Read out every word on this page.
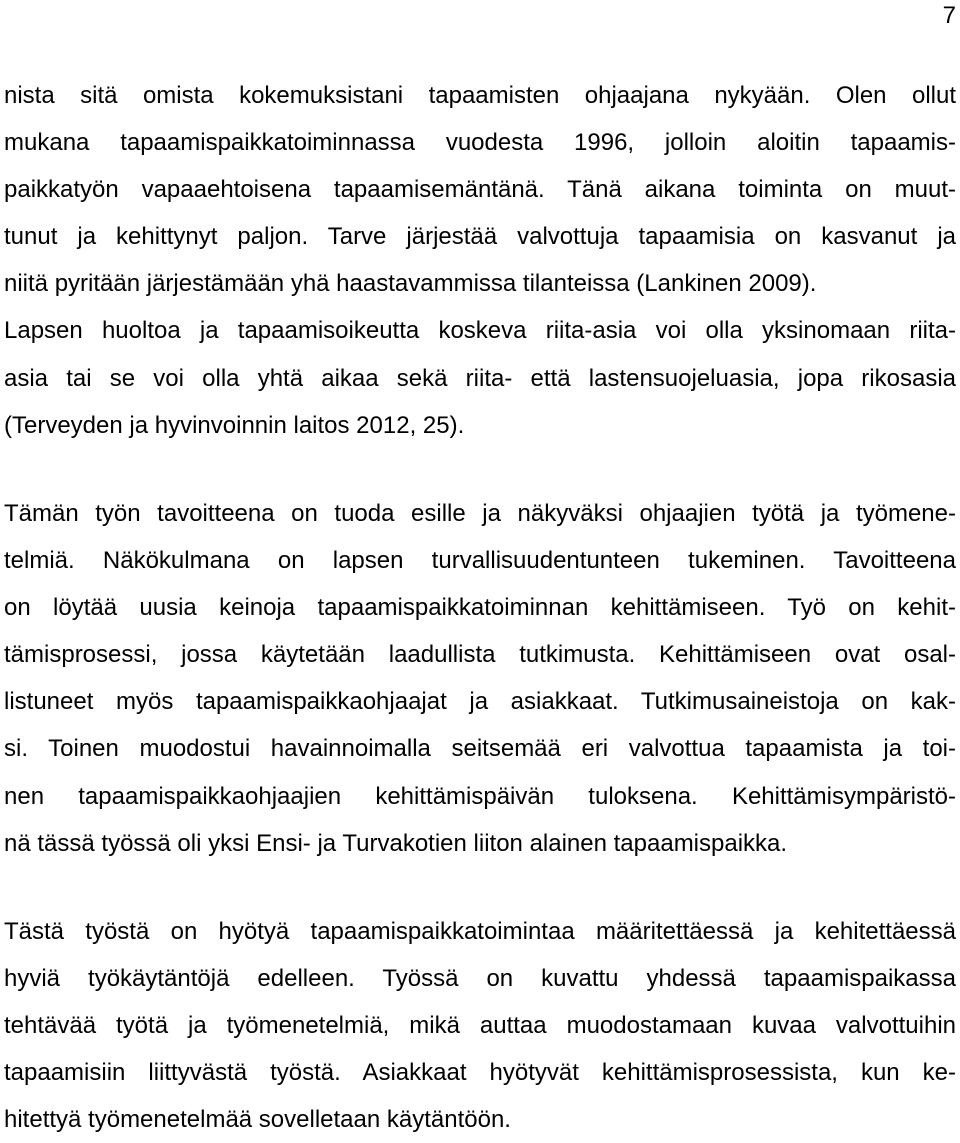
7
nista sitä omista kokemuksistani tapaamisten ohjaajana nykyään. Olen ollut
mukana tapaamispaikkatoiminnassa vuodesta 1996, jolloin aloitin tapaamis-
paikkatyön vapaaehtoisena tapaamisemäntänä. Tänä aikana toiminta on muut-
tunut ja kehittynyt paljon. Tarve järjestää valvottuja tapaamisia on kasvanut ja
niitä pyritään järjestämään yhä haastavammissa tilanteissa (Lankinen 2009).
Lapsen huoltoa ja tapaamisoikeutta koskeva riita-asia voi olla yksinomaan riita-
asia tai se voi olla yhtä aikaa sekä riita- että lastensuojeluasia, jopa rikosasia
(Terveyden ja hyvinvoinnin laitos 2012, 25).
Tämän työn tavoitteena on tuoda esille ja näkyväksi ohjaajien työtä ja työmene-
telmiä. Näkökulmana on lapsen turvallisuudentunteen tukeminen. Tavoitteena
on löytää uusia keinoja tapaamispaikkatoiminnan kehittämiseen. Työ on kehit-
tämisprosessi, jossa käytetään laadullista tutkimusta. Kehittämiseen ovat osal-
listuneet myös tapaamispaikkaohjaajat ja asiakkaat. Tutkimusaineistoja on kak-
si. Toinen muodostui havainnoimalla seitsemää eri valvottua tapaamista ja toi-
nen tapaamispaikkaohjaajien kehittämispäivän tuloksena. Kehittämisympäristö-
nä tässä työssä oli yksi Ensi- ja Turvakotien liiton alainen tapaamispaikka.
Tästä työstä on hyötyä tapaamispaikkatoimintaa määritettäessä ja kehitettäessä
hyviä työkäytäntöjä edelleen. Työssä on kuvattu yhdessä tapaamispaikassa
tehtävää työtä ja työmenetelmiä, mikä auttaa muodostamaan kuvaa valvottuihin
tapaamisiin liittyvästä työstä. Asiakkaat hyötyvät kehittämisprosessista, kun ke-
hitettyä työmenetelmää sovelletaan käytäntöön.
